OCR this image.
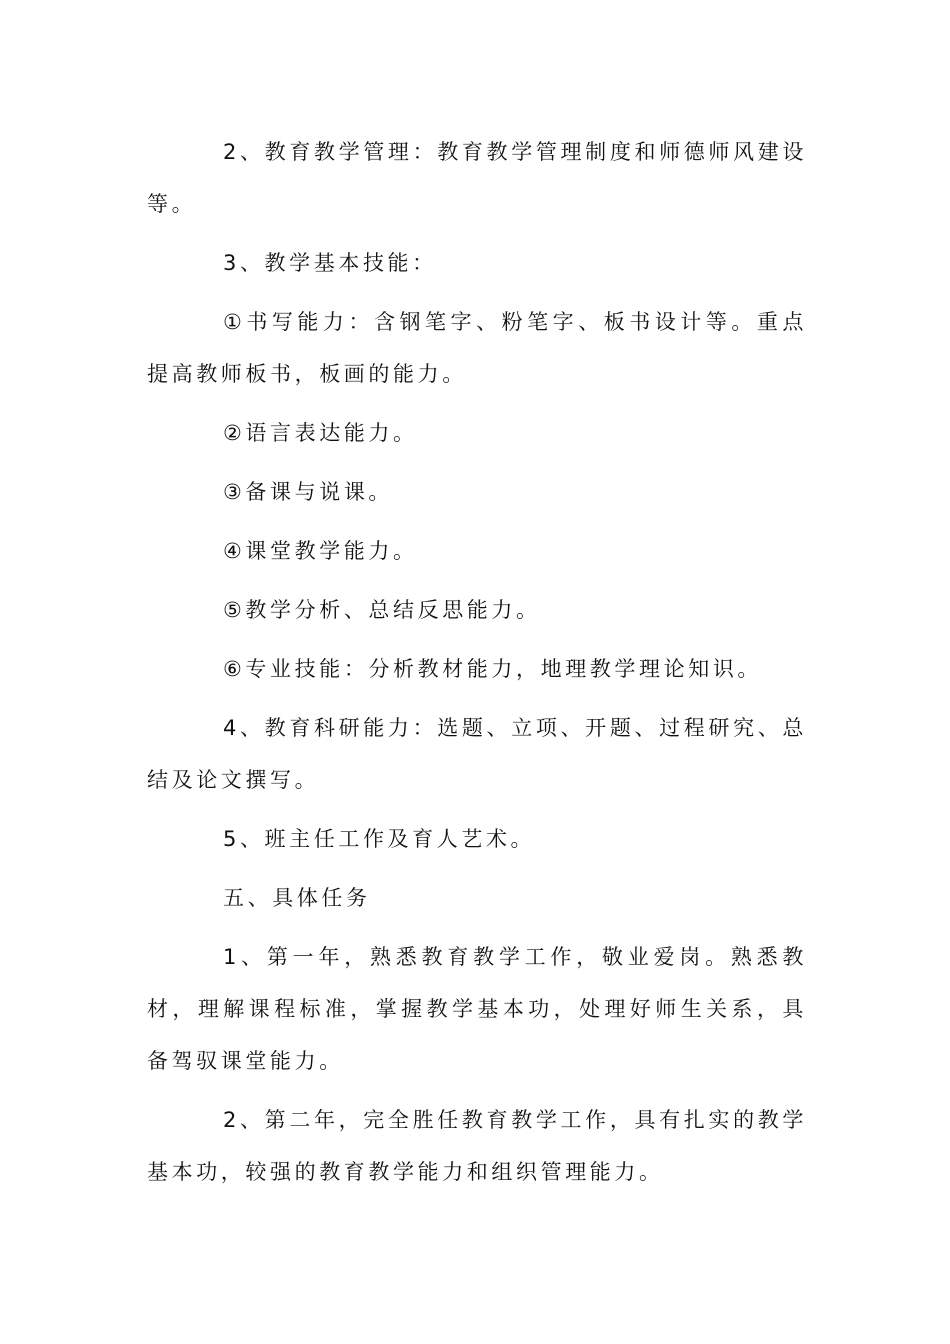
2、教育教学管理：教育教学管理制度和师德师风建设等。

3、教学基本技能：

①书写能力：含钢笔字、粉笔字、板书设计等。重点提高教师板书，板画的能力。

②语言表达能力。

③备课与说课。

④课堂教学能力。

⑤教学分析、总结反思能力。

⑥专业技能：分析教材能力，地理教学理论知识。

4、教育科研能力：选题、立项、开题、过程研究、总结及论文撰写。

5、班主任工作及育人艺术。

五、具体任务

1、第一年，熟悉教育教学工作，敬业爱岗。熟悉教材，理解课程标准，掌握教学基本功，处理好师生关系，具备驾驭课堂能力。

2、第二年，完全胜任教育教学工作，具有扎实的教学基本功，较强的教育教学能力和组织管理能力。
